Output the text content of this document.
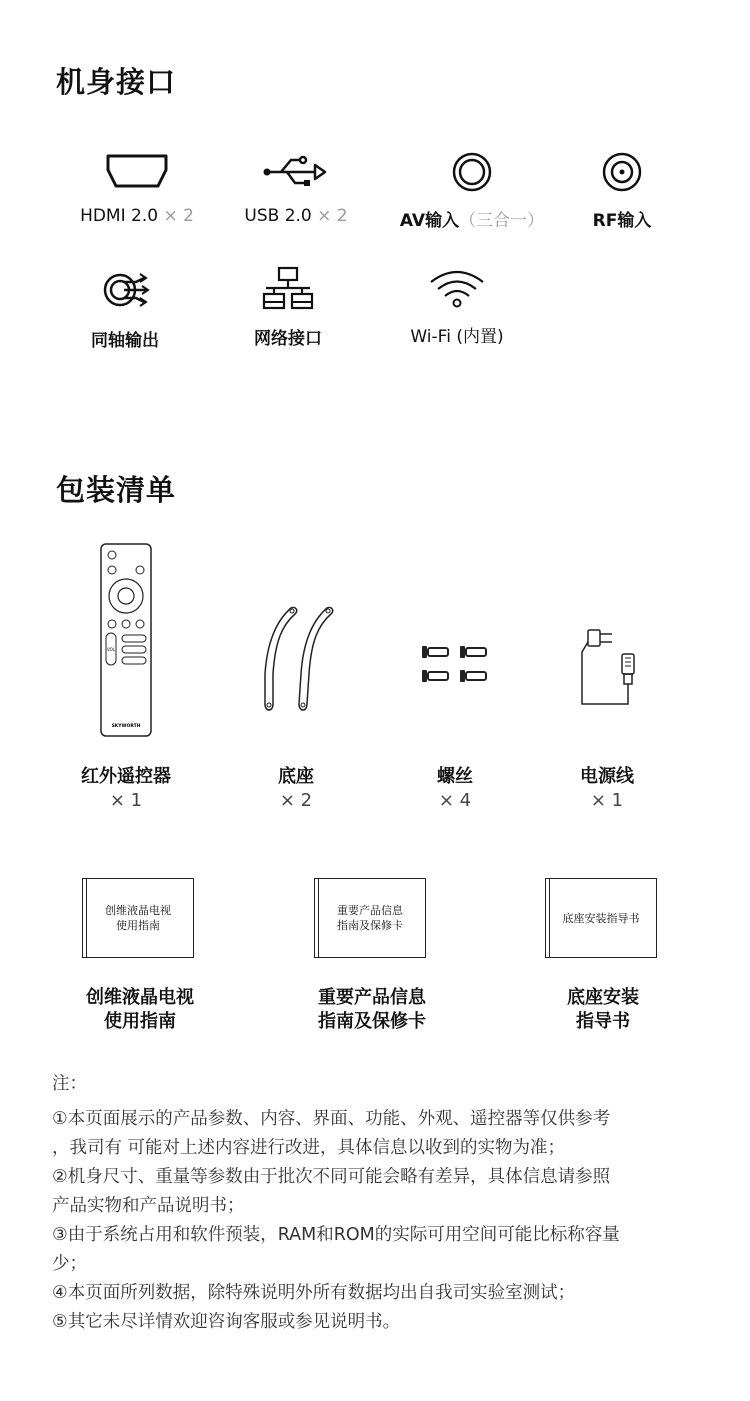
机身接口
HDMI 2.0 × 2	USB 2.0 × 2	AV输入（三合一）	RF输入
同轴输出	网络接口	Wi-Fi (内置)
包装清单
VOL
SKYWORTH
红外遥控器
× 1
底座
× 2
螺丝
× 4
电源线
× 1
创维液晶电视
使用指南
重要产品信息
指南及保修卡
底座安装指导书
创维液晶电视
使用指南
重要产品信息
指南及保修卡
底座安装
指导书

注：

①本页面展示的产品参数、内容、界面、功能、外观、遥控器等仅供参考

，我司有 可能对上述内容进行改进，具体信息以收到的实物为准；

②机身尺寸、重量等参数由于批次不同可能会略有差异，具体信息请参照

产品实物和产品说明书；

③由于系统占用和软件预装，RAM和ROM的实际可用空间可能比标称容量

少；

④本页面所列数据，除特殊说明外所有数据均出自我司实验室测试；

⑤其它未尽详情欢迎咨询客服或参见说明书。
